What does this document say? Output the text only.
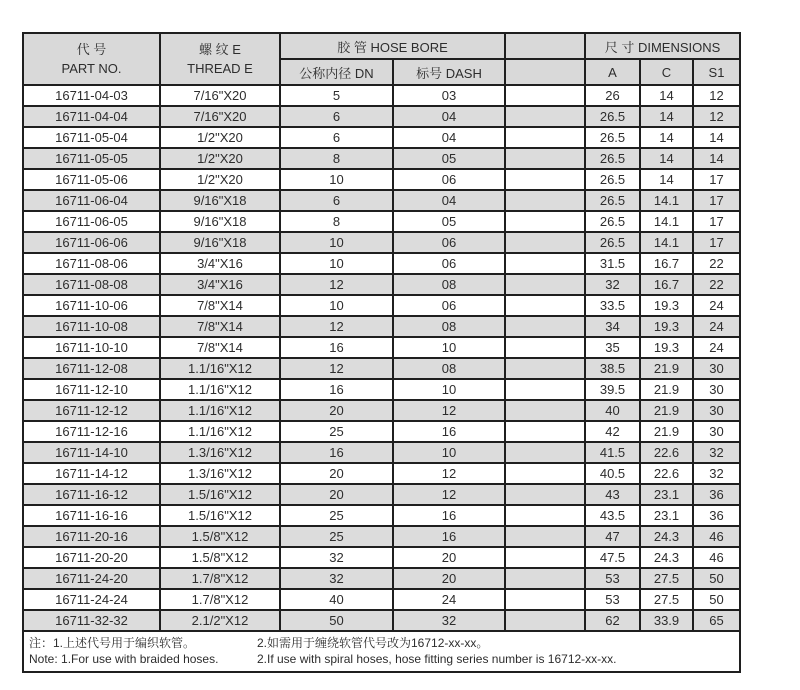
代 号
PART NO.

螺 纹 E
THREAD E
	胶 管 HOSE BORE		尺 寸 DIMENSIONS
		公称内径 DN	标号 DASH		A	C	S1
16711-04-03	7/16"X20	5	03		26	14	12
16711-04-04	7/16"X20	6	04		26.5	14	12
16711-05-04	1/2"X20	6	04		26.5	14	14
16711-05-05	1/2"X20	8	05		26.5	14	14
16711-05-06	1/2"X20	10	06		26.5	14	17
16711-06-04	9/16"X18	6	04		26.5	14.1	17
16711-06-05	9/16"X18	8	05		26.5	14.1	17
16711-06-06	9/16"X18	10	06		26.5	14.1	17
16711-08-06	3/4"X16	10	06		31.5	16.7	22
16711-08-08	3/4"X16	12	08		32	16.7	22
16711-10-06	7/8"X14	10	06		33.5	19.3	24
16711-10-08	7/8"X14	12	08		34	19.3	24
16711-10-10	7/8"X14	16	10		35	19.3	24
16711-12-08	1.1/16"X12	12	08		38.5	21.9	30
16711-12-10	1.1/16"X12	16	10		39.5	21.9	30
16711-12-12	1.1/16"X12	20	12		40	21.9	30
16711-12-16	1.1/16"X12	25	16		42	21.9	30
16711-14-10	1.3/16"X12	16	10		41.5	22.6	32
16711-14-12	1.3/16"X12	20	12		40.5	22.6	32
16711-16-12	1.5/16"X12	20	12		43	23.1	36
16711-16-16	1.5/16"X12	25	16		43.5	23.1	36
16711-20-16	1.5/8"X12	25	16		47	24.3	46
16711-20-20	1.5/8"X12	32	20		47.5	24.3	46
16711-24-20	1.7/8"X12	32	20		53	27.5	50
16711-24-24	1.7/8"X12	40	24		53	27.5	50
16711-32-32	2.1/2"X12	50	32		62	33.9	65

注：1.上述代号用于编织软管。 2.如需用于缠绕软管代号改为16712-xx-xx。
Note: 1.For use with braided hoses. 2.If use with spiral hoses, hose fitting series number is 16712-xx-xx.							
